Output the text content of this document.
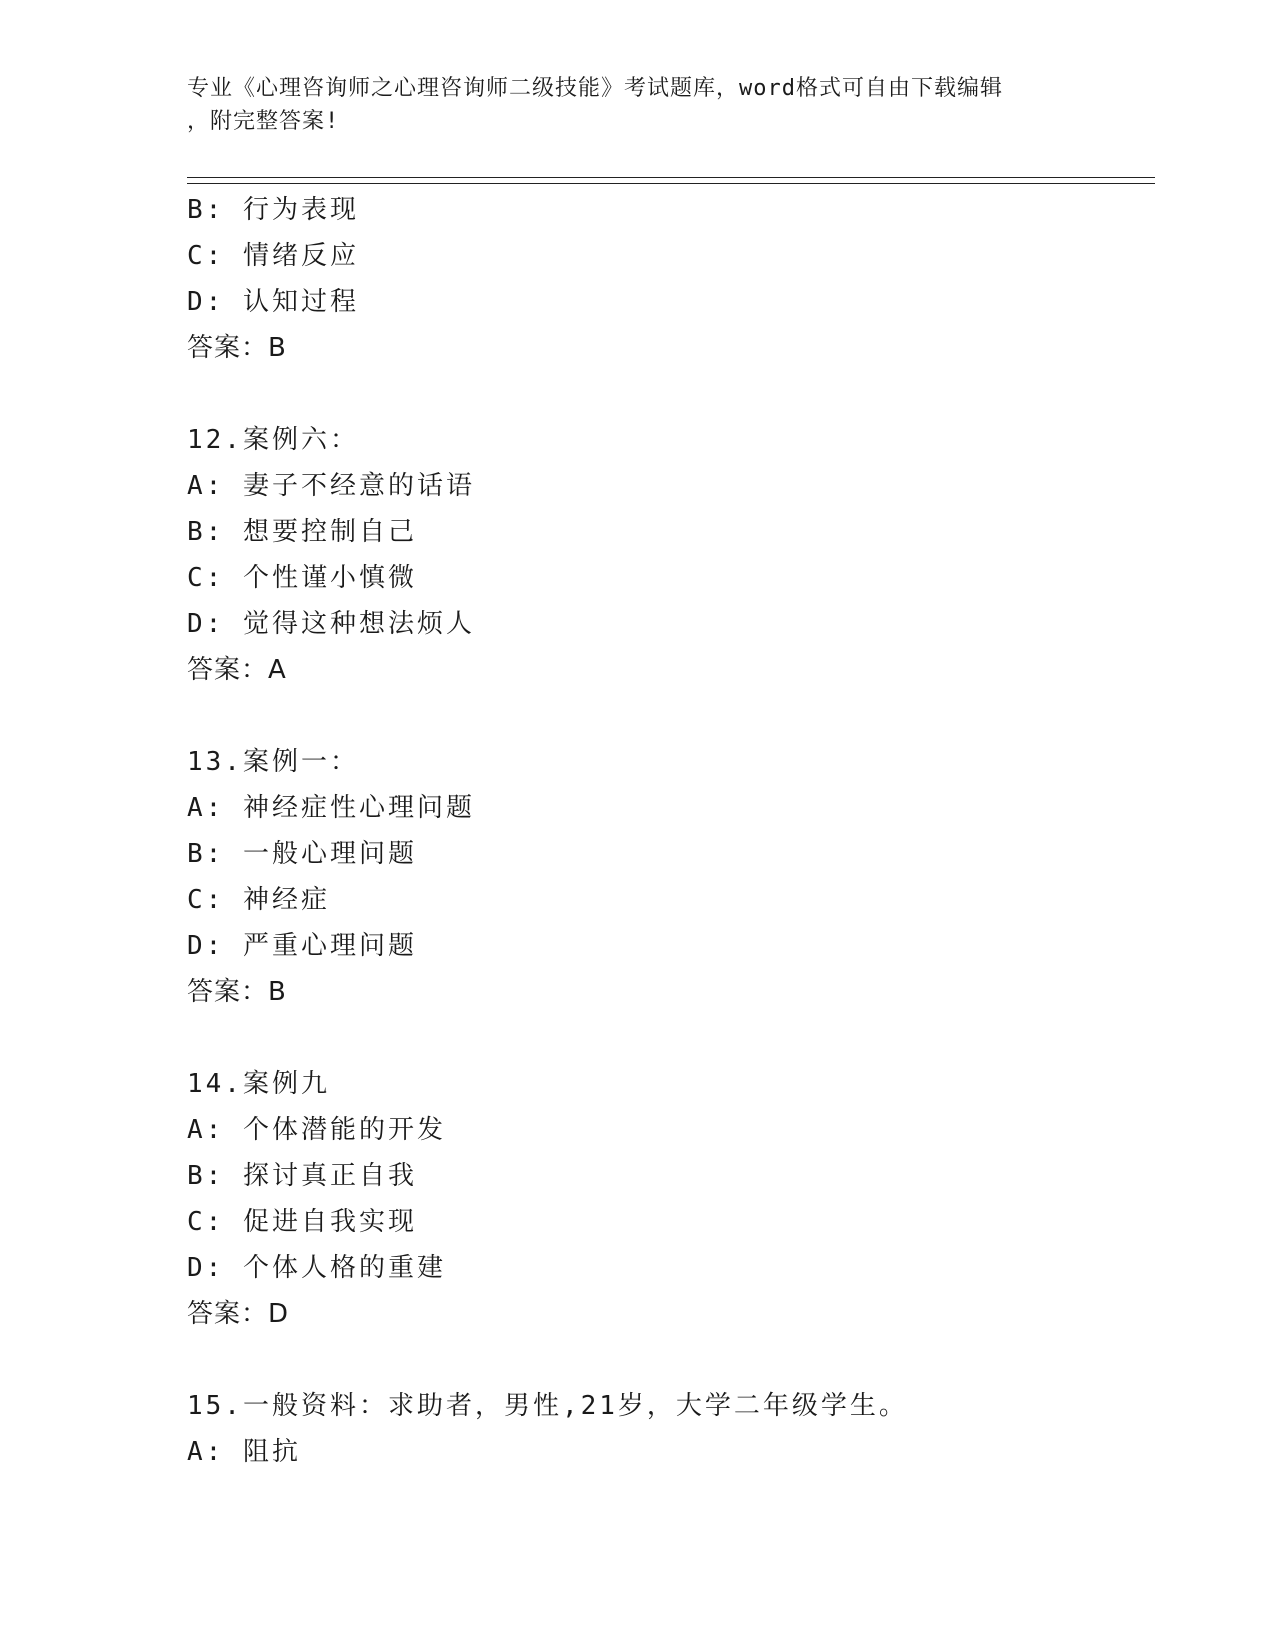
专业《心理咨询师之心理咨询师二级技能》考试题库，word格式可自由下载编辑
，附完整答案!
B: 行为表现
C: 情绪反应
D: 认知过程
答案：B
12.案例六：
A: 妻子不经意的话语
B: 想要控制自己
C: 个性谨小慎微
D: 觉得这种想法烦人
答案：A
13.案例一：
A: 神经症性心理问题
B: 一般心理问题
C: 神经症
D: 严重心理问题
答案：B
14.案例九
A: 个体潜能的开发
B: 探讨真正自我
C: 促进自我实现
D: 个体人格的重建
答案：D
15.一般资料：求助者，男性,21岁，大学二年级学生。
A: 阻抗
